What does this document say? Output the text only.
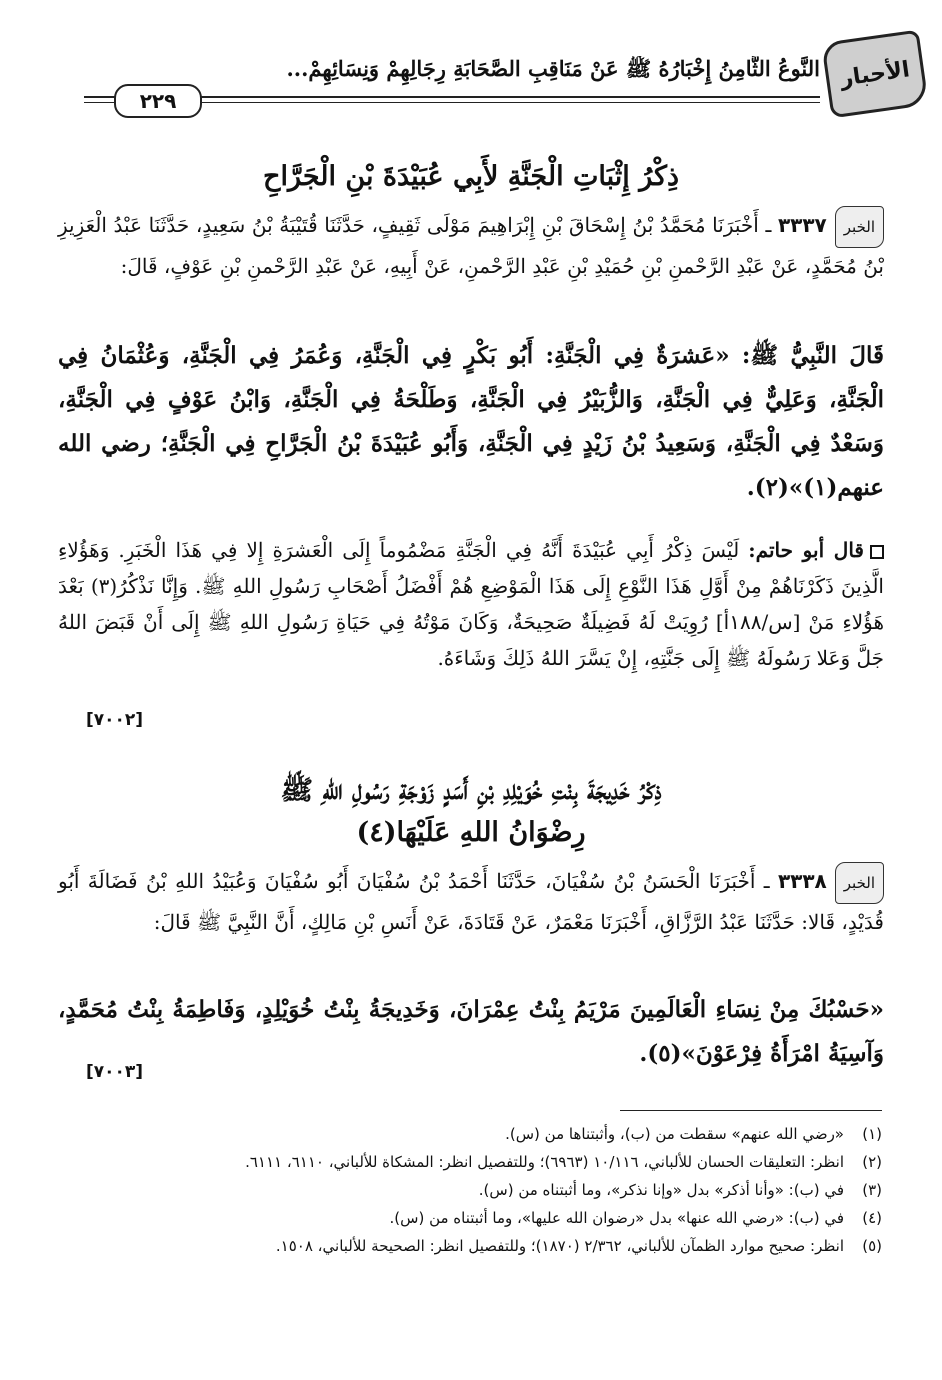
الأحبار
النَّوعُ الثَّامِنُ إِخْبَارُهُ ﷺ عَنْ مَنَاقِبِ الصَّحَابَةِ رِجَالِهِمْ وَنِسَائِهِمْ...
٢٢٩
ذِكْرُ إِثْبَاتِ الْجَنَّةِ لأَبِي عُبَيْدَةَ بْنِ الْجَرَّاحِ
الخبر٣٣٣٧ ـ أَخْبَرَنَا مُحَمَّدُ بْنُ إِسْحَاقَ بْنِ إِبْرَاهِيمَ مَوْلَى ثَقِيفٍ، حَدَّثَنَا قُتَيْبَةُ بْنُ سَعِيدٍ، حَدَّثَنَا عَبْدُ الْعَزِيزِ بْنُ مُحَمَّدٍ، عَنْ عَبْدِ الرَّحْمنِ بْنِ حُمَيْدِ بْنِ عَبْدِ الرَّحْمنِ، عَنْ أَبِيهِ، عَنْ عَبْدِ الرَّحْمنِ بْنِ عَوْفٍ، قَالَ:
قَالَ النَّبِيُّ ﷺ: «عَشرَةٌ فِي الْجَنَّةِ: أَبُو بَكْرٍ فِي الْجَنَّةِ، وَعُمَرُ فِي الْجَنَّةِ، وَعُثْمَانُ فِي الْجَنَّةِ، وَعَلِيٌّ فِي الْجَنَّةِ، وَالزُّبَيْرُ فِي الْجَنَّةِ، وَطَلْحَةُ فِي الْجَنَّةِ، وَابْنُ عَوْفٍ فِي الْجَنَّةِ، وَسَعْدٌ فِي الْجَنَّةِ، وَسَعِيدُ بْنُ زَيْدٍ فِي الْجَنَّةِ، وَأَبُو عُبَيْدَةَ بْنُ الْجَرَّاحِ فِي الْجَنَّةِ؛ رضي الله عنهم(١)»(٢).
قال أبو حاتم: لَيْسَ ذِكْرُ أَبِي عُبَيْدَةَ أَنَّهُ فِي الْجَنَّةِ مَضْمُوماً إِلَى الْعَشرَةِ إِلا فِي هَذَا الْخَبَرِ. وَهَؤُلاءِ الَّذِينَ ذَكَرْنَاهُمْ مِنْ أَوَّلِ هَذَا النَّوْعِ إِلَى هَذَا الْمَوْضِعِ هُمْ أَفْضَلُ أَصْحَابِ رَسُولِ اللهِ ﷺ. وَإِنَّا نَذْكُرُ(٣) بَعْدَ هَؤُلاءِ مَنْ [س/١٨٨أ] رُوِيَتْ لَهُ فَضِيلَةٌ صَحِيحَةٌ، وَكَانَ مَوْتُهُ فِي حَيَاةِ رَسُولِ اللهِ ﷺ إِلَى أَنْ قَبَضَ اللهُ جَلَّ وَعَلا رَسُولَهُ ﷺ إِلَى جَنَّتِهِ، إِنْ يَسَّرَ اللهُ ذَلِكَ وَشَاءَهُ.
[٧٠٠٢]
ذِكْرُ خَدِيجَةَ بِنْتِ خُوَيْلِدِ بْنِ أَسَدٍ زَوْجَةِ رَسُولِ اللهِ ﷺ
رِضْوَانُ اللهِ عَلَيْهَا(٤)
الخبر٣٣٣٨ ـ أَخْبَرَنَا الْحَسَنُ بْنُ سُفْيَانَ، حَدَّثَنَا أَحْمَدُ بْنُ سُفْيَانَ أَبُو سُفْيَانَ وَعُبَيْدُ اللهِ بْنُ فَضَالَةَ أَبُو قُدَيْدٍ، قَالا: حَدَّثَنَا عَبْدُ الرَّزَّاقِ، أَخْبَرَنَا مَعْمَرٌ، عَنْ قَتَادَةَ، عَنْ أَنَسِ بْنِ مَالِكٍ، أَنَّ النَّبِيَّ ﷺ قَالَ:
«حَسْبُكَ مِنْ نِسَاءِ الْعَالَمِينَ مَرْيَمُ بِنْتُ عِمْرَانَ، وَخَدِيجَةُ بِنْتُ خُوَيْلِدٍ، وَفَاطِمَةُ بِنْتُ مُحَمَّدٍ، وَآسِيَةُ امْرَأَةُ فِرْعَوْنَ»(٥).
[٧٠٠٣]
(١)
«رضي الله عنهم» سقطت من (ب)، وأثبتناها من (س).
(٢)
انظر: التعليقات الحسان للألباني، ١٠/١١٦ (٦٩٦٣)؛ وللتفصيل انظر: المشكاة للألباني، ٦١١٠، ٦١١١.
(٣)
في (ب): «وأنا أذكر» بدل «وإنا نذكر»، وما أثبتناه من (س).
(٤)
في (ب): «رضي الله عنها» بدل «رضوان الله عليها»، وما أثبتناه من (س).
(٥)
انظر: صحيح موارد الظمآن للألباني، ٢/٣٦٢ (١٨٧٠)؛ وللتفصيل انظر: الصحيحة للألباني، ١٥٠٨.
